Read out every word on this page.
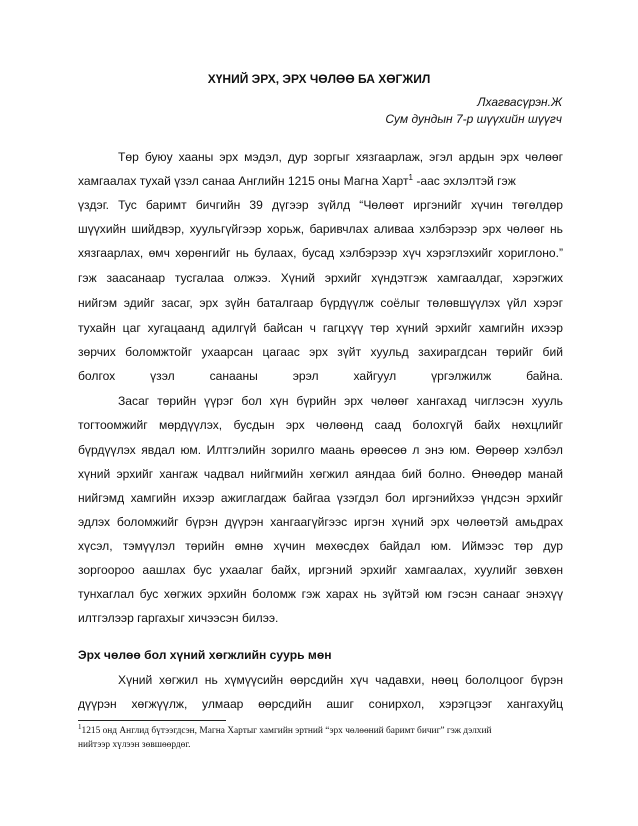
ХҮНИЙ ЭРХ, ЭРХ ЧӨЛӨӨ БА ХӨГЖИЛ
Лхагвасүрэн.Ж
Сум дундын 7-р шүүхийн шүүгч
Төр буюу хааны эрх мэдэл, дур зоргыг хязгаарлаж, эгэл ардын эрх чөлөөг
хамгаалах тухай үзэл санаа Английн 1215 оны Магна Харт$^1$ -аас эхлэлтэй гэж
үздэг. Тус баримт бичгийн 39 дүгээр зүйлд “Чөлөөт иргэнийг хүчин төгөлдөр
шүүхийн шийдвэр, хуульгүйгээр хорьж, баривчлах аливаа хэлбэрээр эрх чөлөөг нь
хязгаарлах, өмч хөрөнгийг нь булаах, бусад хэлбэрээр хүч хэрэглэхийг хориглоно.”
гэж заасанаар тусгалаа олжээ. Хүний эрхийг хүндэтгэж хамгаалдаг, хэрэгжих
нийгэм эдийг засаг, эрх зүйн баталгаар бүрдүүлж соёлыг төлөвшүүлэх үйл хэрэг
тухайн цаг хугацаанд адилгүй байсан ч гагцхүү төр хүний эрхийг хамгийн ихээр
зөрчих боломжтойг ухаарсан цагаас эрх зүйт хуульд захирагдсан төрийг бий
болгох үзэл санааны эрэл хайгуул үргэлжилж байна.
Засаг төрийн үүрэг бол хүн бүрийн эрх чөлөөг хангахад чиглэсэн хууль
тогтоомжийг мөрдүүлэх, бусдын эрх чөлөөнд саад болохгүй байх нөхцлийг
бүрдүүлэх явдал юм. Илтгэлийн зорилго маань өрөөсөө л энэ юм. Өөрөөр хэлбэл
хүний эрхийг хангаж чадвал нийгмийн хөгжил аяндаа бий болно. Өнөөдөр манай
нийгэмд хамгийн ихээр ажиглагдаж байгаа үзэгдэл бол иргэнийхээ үндсэн эрхийг
эдлэх боломжийг бүрэн дүүрэн хангаагүйгээс иргэн хүний эрх чөлөөтэй амьдрах
хүсэл, тэмүүлэл төрийн өмнө хүчин мөхөсдөх байдал юм. Иймээс төр дур
зоргоороо аашлах бус ухаалаг байх, иргэний эрхийг хамгаалах, хуулийг зөвхөн
тунхаглал бус хөгжих эрхийн боломж гэж харах нь зүйтэй юм гэсэн санааг энэхүү
илтгэлээр гаргахыг хичээсэн билээ.
Эрх чөлөө бол хүний хөгжлийн суурь мөн
Хүний хөгжил нь хүмүүсийн өөрсдийн хүч чадавхи, нөөц бололцоог бүрэн
дүүрэн хөгжүүлж, улмаар өөрсдийн ашиг сонирхол, хэрэгцээг хангахуйц
$^1$1215 онд Англид бүтээгдсэн, Магна Хартыг хамгийн эртний “эрх чөлөөний баримт бичиг” гэж дэлхий
нийтээр хүлээн зөвшөөрдөг.
